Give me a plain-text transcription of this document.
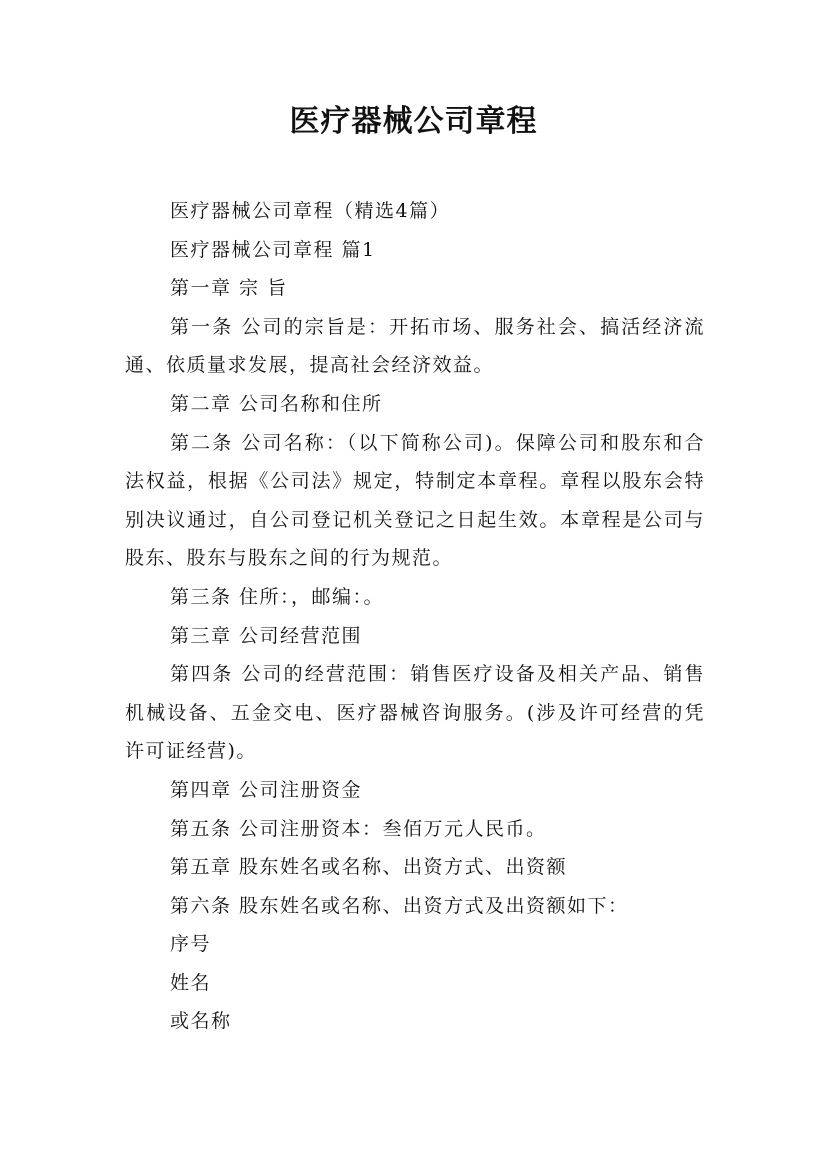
医疗器械公司章程

医疗器械公司章程（精选4篇）

医疗器械公司章程 篇1

第一章 宗 旨

第一条 公司的宗旨是：开拓市场、服务社会、搞活经济流通、依质量求发展，提高社会经济效益。

第二章 公司名称和住所

第二条 公司名称：（以下简称公司)。保障公司和股东和合法权益，根据《公司法》规定，特制定本章程。章程以股东会特别决议通过，自公司登记机关登记之日起生效。本章程是公司与股东、股东与股东之间的行为规范。

第三条 住所：，邮编：。

第三章 公司经营范围

第四条 公司的经营范围：销售医疗设备及相关产品、销售机械设备、五金交电、医疗器械咨询服务。(涉及许可经营的凭许可证经营)。

第四章 公司注册资金

第五条 公司注册资本：叁佰万元人民币。

第五章 股东姓名或名称、出资方式、出资额

第六条 股东姓名或名称、出资方式及出资额如下：

序号

姓名

或名称
